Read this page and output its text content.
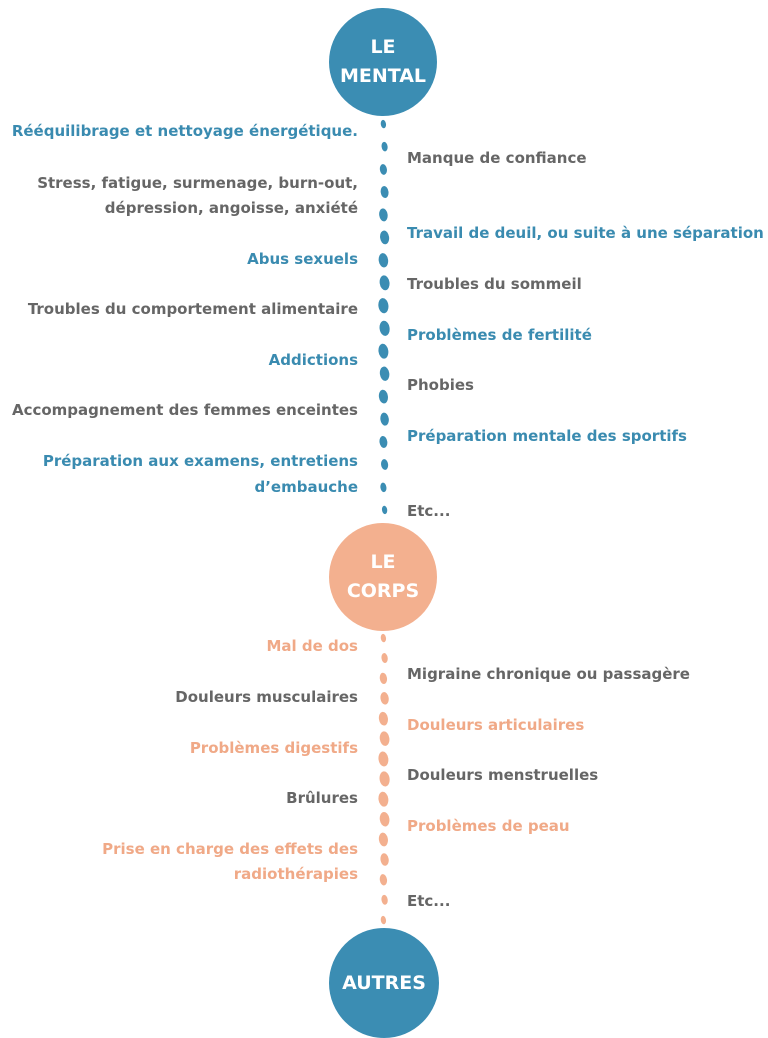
LE
MENTAL
Rééquilibrage et nettoyage énergétique.
Stress, fatigue, surmenage, burn-out,
dépression, angoisse, anxiété
Abus sexuels
Troubles du comportement alimentaire
Addictions
Accompagnement des femmes enceintes
Préparation aux examens, entretiens
d’embauche
Manque de confiance
Travail de deuil, ou suite à une séparation
Troubles du sommeil
Problèmes de fertilité
Phobies
Préparation mentale des sportifs
Etc...
LE
CORPS
Mal de dos
Douleurs musculaires
Problèmes digestifs
Brûlures
Prise en charge des effets des
radiothérapies
Migraine chronique ou passagère
Douleurs articulaires
Douleurs menstruelles
Problèmes de peau
Etc...
AUTRES
